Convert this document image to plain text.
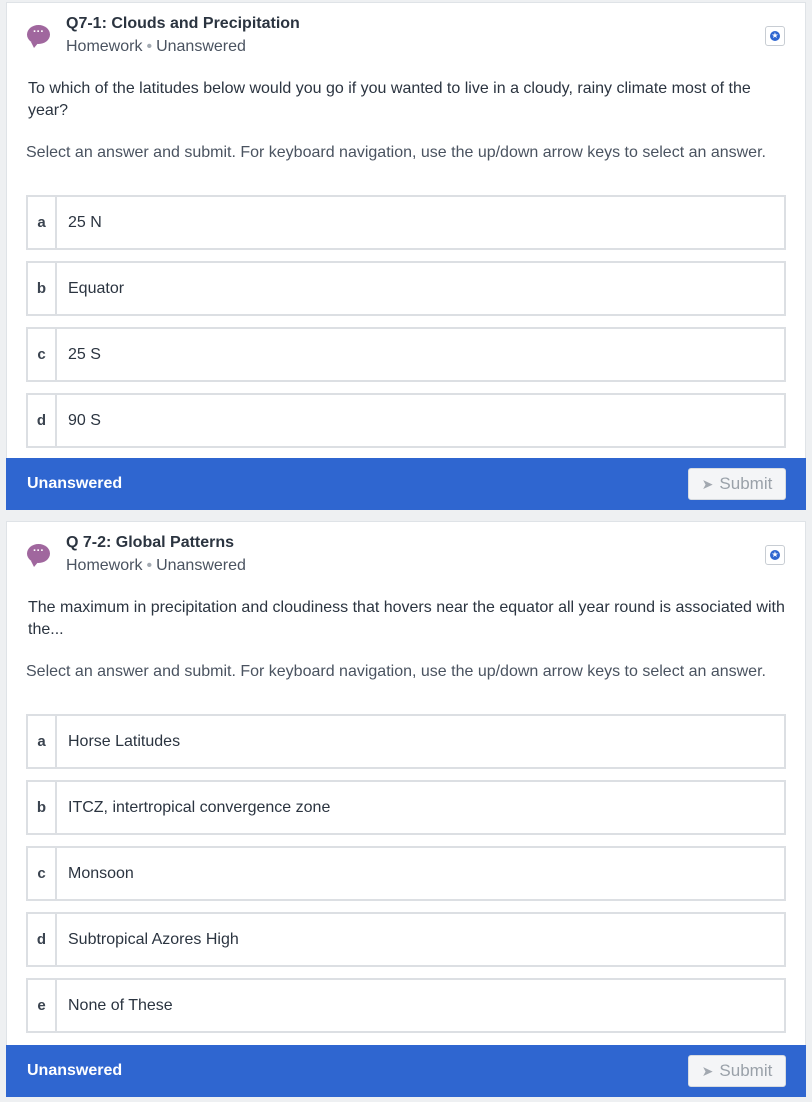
···	Q7-1: Clouds and Precipitation
Homework • Unanswered
★
To which of the latitudes below would you go if you wanted to live in a cloudy, rainy climate most of the year?
Select an answer and submit. For keyboard navigation, use the up/down arrow keys to select an answer.
a	25 N
b	Equator
c	25 S
d	90 S
Unanswered	➤ Submit
···	Q 7-2: Global Patterns
Homework • Unanswered
★
The maximum in precipitation and cloudiness that hovers near the equator all year round is associated with the...
Select an answer and submit. For keyboard navigation, use the up/down arrow keys to select an answer.
a	Horse Latitudes
b	ITCZ, intertropical convergence zone
c	Monsoon
d	Subtropical Azores High
e	None of These
Unanswered	➤ Submit
